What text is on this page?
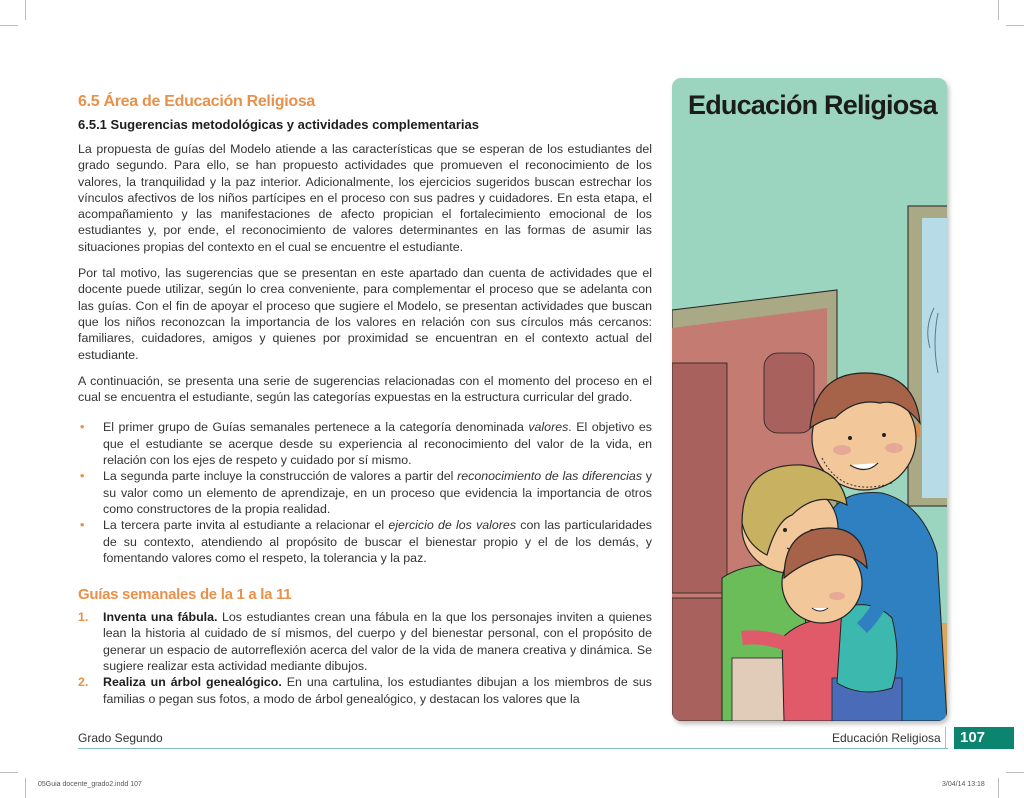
6.5 Área de Educación Religiosa
6.5.1 Sugerencias metodológicas y actividades complementarias

La propuesta de guías del Modelo atiende a las características que se esperan de los estudiantes del grado segundo. Para ello, se han propuesto actividades que promueven el reconocimiento de los valores, la tranquilidad y la paz interior. Adicionalmente, los ejercicios sugeridos buscan estrechar los vínculos afectivos de los niños partícipes en el proceso con sus padres y cuidadores. En esta etapa, el acompañamiento y las manifestaciones de afecto propician el fortalecimiento emocional de los estudiantes y, por ende, el reconocimiento de valores determinantes en las formas de asumir las situaciones propias del contexto en el cual se encuentre el estudiante.

Por tal motivo, las sugerencias que se presentan en este apartado dan cuenta de actividades que el docente puede utilizar, según lo crea conveniente, para complementar el proceso que se adelanta con las guías. Con el fin de apoyar el proceso que sugiere el Modelo, se presentan actividades que buscan que los niños reconozcan la importancia de los valores en relación con sus círculos más cercanos: familiares, cuidadores, amigos y quienes por proximidad se encuentran en el contexto actual del estudiante.

A continuación, se presenta una serie de sugerencias relacionadas con el momento del proceso en el cual se encuentra el estudiante, según las categorías expuestas en la estructura curricular del grado.

• El primer grupo de Guías semanales pertenece a la categoría denominada valores. El objetivo es que el estudiante se acerque desde su experiencia al reconocimiento del valor de la vida, en relación con los ejes de respeto y cuidado por sí mismo.
• La segunda parte incluye la construcción de valores a partir del reconocimiento de las diferencias y su valor como un elemento de aprendizaje, en un proceso que evidencia la importancia de otros como constructores de la propia realidad.
• La tercera parte invita al estudiante a relacionar el ejercicio de los valores con las particularidades de su contexto, atendiendo al propósito de buscar el bienestar propio y el de los demás, y fomentando valores como el respeto, la tolerancia y la paz.
Guías semanales de la 1 a la 11
1. Inventa una fábula. Los estudiantes crean una fábula en la que los personajes inviten a quienes lean la historia al cuidado de sí mismos, del cuerpo y del bienestar personal, con el propósito de generar un espacio de autorreflexión acerca del valor de la vida de manera creativa y dinámica. Se sugiere realizar esta actividad mediante dibujos.
2. Realiza un árbol genealógico. En una cartulina, los estudiantes dibujan a los miembros de sus familias o pegan sus fotos, a modo de árbol genealógico, y destacan los valores que la
Educación Religiosa
Grado Segundo	Educación Religiosa	107
05Guia docente_grado2.indd 107	3/04/14 13:18
